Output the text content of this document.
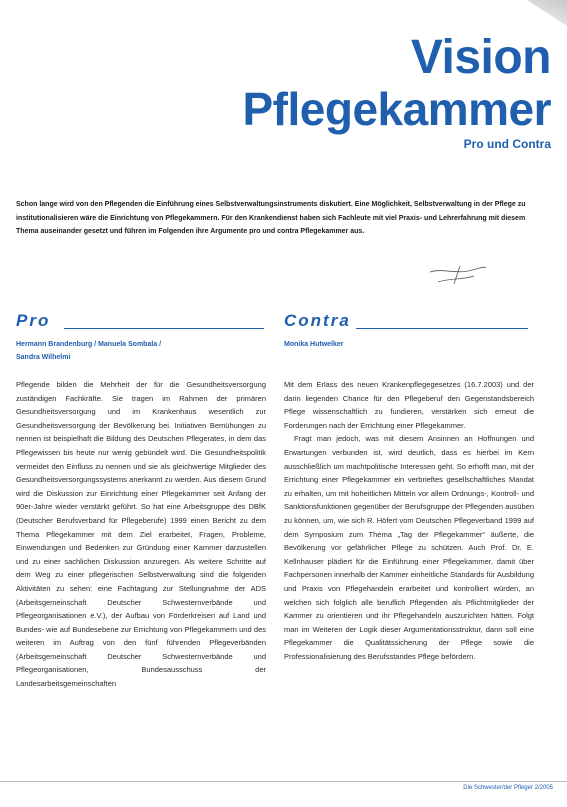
Vision
Pflegekammer
Pro und Contra
Schon lange wird von den Pflegenden die Einführung eines Selbstverwaltungsinstruments diskutiert. Eine Möglichkeit, Selbstverwaltung in der Pflege zu institutionalisieren wäre die Einrichtung von Pflegekammern. Für den Krankendienst haben sich Fachleute mit viel Praxis- und Lehrerfahrung mit diesem Thema auseinander gesetzt und führen im Folgenden ihre Argumente pro und contra Pflegekammer aus.
Pro
Hermann Brandenburg / Manuela Sombala /
Sandra Wilhelmi

Pflegende bilden die Mehrheit der für die Gesundheitsversorgung zuständigen Fachkräfte. Sie tragen im Rahmen der primären Gesundheitsversorgung und im Krankenhaus wesentlich zur Gesundheitsversorgung der Bevölkerung bei. Initiativen Bemühungen zu nennen ist beispielhaft die Bildung des Deutschen Pflegerates, in dem das Pflegewissen bis heute nur wenig gebündelt wird. Die Gesundheitspolitik vermeidet den Einfluss zu nennen und sie als gleichwertige Mitglieder des Gesundheitsversorgungssystems anerkannt zu werden. Aus diesem Grund wird die Diskussion zur Einrichtung einer Pflegekammer seit Anfang der 90er-Jahre wieder verstärkt geführt. So hat eine Arbeitsgruppe des DBfK (Deutscher Berufsverband für Pflegeberufe) 1999 einen Bericht zu dem Thema Pflegekammer mit dem Ziel erarbeitet, Fragen, Probleme, Einwendungen und Bedenken zur Gründung einer Kammer darzustellen und zu einer sachlichen Diskussion anzuregen. Als weitere Schritte auf dem Weg zu einer pflegerischen Selbstverwaltung sind die folgenden Aktivitäten zu sehen: eine Fachtagung zur Stellungnahme der ADS (Arbeitsgemeinschaft Deutscher Schwesternverbände und Pflegeorganisationen e.V.), der Aufbau von Förderkreisen auf Land und Bundes- wie auf Bundesebene zur Errichtung von Pflegekammern und des weiteren im Auftrag von den fünf führenden Pflegeverbänden (Arbeitsgemeinschaft Deutscher Schwesternverbände und Pflegeorganisationen, Bundesausschuss der Landesarbeitsgemeinschaften

Contra
Monika Hutwelker

Mit dem Erlass des neuen Krankenpflegegesetzes (16.7.2003) und der darin liegenden Chance für den Pflegeberuf den Gegenstandsbereich Pflege wissenschaftlich zu fundieren, verstärken sich erneut die Forderungen nach der Errichtung einer Pflegekammer.

Fragt man jedoch, was mit diesem Ansinnen an Hoffnungen und Erwartungen verbunden ist, wird deutlich, dass es hierbei im Kern ausschließlich um machtpolitische Interessen geht. So erhofft man, mit der Errichtung einer Pflegekammer ein verbrieftes gesellschaftliches Mandat zu erhalten, um mit hoheitlichen Mitteln vor allem Ordnungs-, Kontroll- und Sanktionsfunktionen gegenüber der Berufsgruppe der Pflegenden ausüben zu können, um, wie sich R. Höfert vom Deutschen Pflegeverband 1999 auf dem Symposium zum Thema „Tag der Pflegekammer“ äußerte, die Bevölkerung vor gefährlicher Pflege zu schützen. Auch Prof. Dr. E. Kellnhauser plädiert für die Einführung einer Pflegekammer, damit über Fachpersonen innerhalb der Kammer einheitliche Standards für Ausbildung und Praxis von Pflegehandeln erarbeitet und kontrolliert würden, an welchen sich folglich alle beruflich Pflegenden als Pflichtmitglieder der Kammer zu orientieren und ihr Pflegehandeln auszurichten hätten. Folgt man im Weiteren der Logik dieser Argumentationsstruktur, dann soll eine Pflegekammer die Qualitätssicherung der Pflege sowie die Professionalisierung des Berufsstandes Pflege befördern.

Die Schwester/der Pfleger 2/2005
